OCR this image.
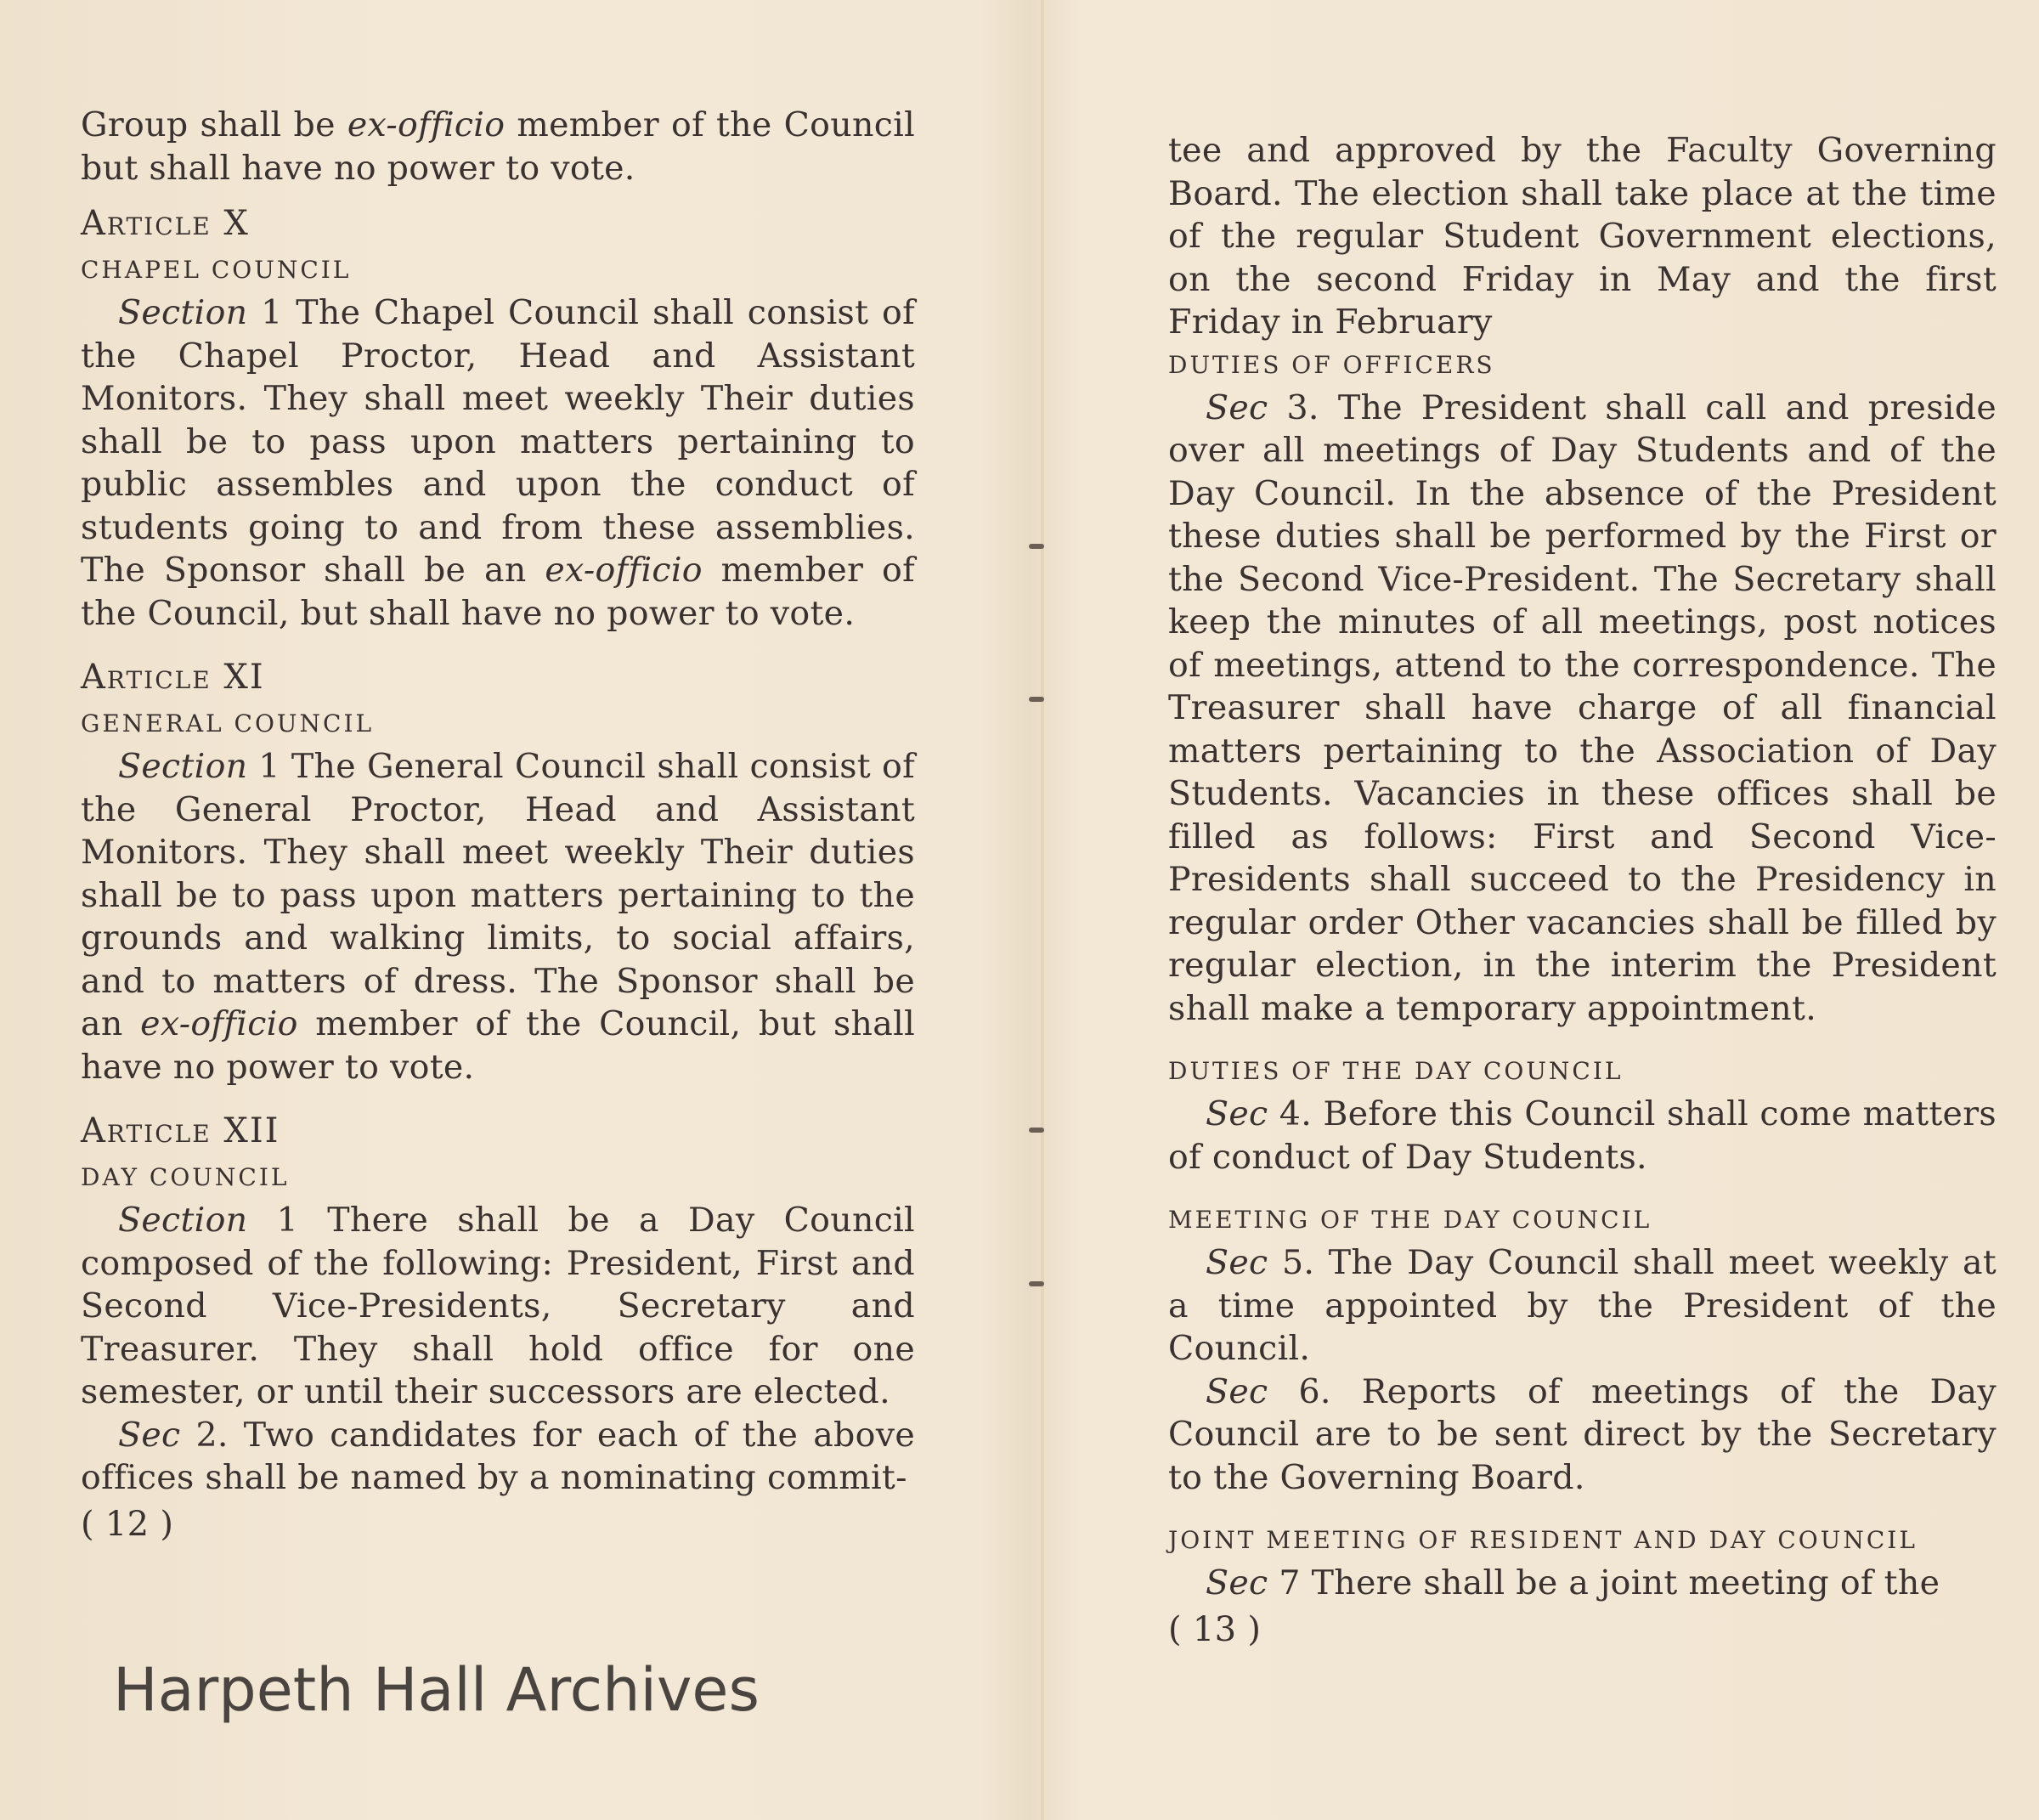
Group shall be ex-officio member of the Council but shall have no power to vote.

Article X

CHAPEL COUNCIL

Section 1 The Chapel Council shall consist of the Chapel Proctor, Head and Assistant Monitors. They shall meet weekly Their duties shall be to pass upon matters pertaining to public assembles and upon the conduct of students going to and from these assemblies. The Sponsor shall be an ex-officio member of the Council, but shall have no power to vote.

Article XI

GENERAL COUNCIL

Section 1 The General Council shall consist of the General Proctor, Head and Assistant Monitors. They shall meet weekly Their duties shall be to pass upon matters pertaining to the grounds and walking limits, to social affairs, and to matters of dress. The Sponsor shall be an ex-officio member of the Council, but shall have no power to vote.

Article XII

DAY COUNCIL

Section 1 There shall be a Day Council composed of the following: President, First and Second Vice-Presidents, Secretary and Treasurer. They shall hold office for one semester, or until their successors are elected.

Sec 2. Two candidates for each of the above offices shall be named by a nominating commit-

( 12 )

tee and approved by the Faculty Governing Board. The election shall take place at the time of the regular Student Government elections, on the second Friday in May and the first Friday in February

DUTIES OF OFFICERS

Sec 3. The President shall call and preside over all meetings of Day Students and of the Day Council. In the absence of the President these duties shall be performed by the First or the Second Vice-President. The Secretary shall keep the minutes of all meetings, post notices of meetings, attend to the correspondence. The Treasurer shall have charge of all financial matters pertaining to the Association of Day Students. Vacancies in these offices shall be filled as follows: First and Second Vice-Presidents shall succeed to the Presidency in regular order Other vacancies shall be filled by regular election, in the interim the President shall make a temporary appointment.

DUTIES OF THE DAY COUNCIL

Sec 4. Before this Council shall come matters of conduct of Day Students.

MEETING OF THE DAY COUNCIL

Sec 5. The Day Council shall meet weekly at a time appointed by the President of the Council.

Sec 6. Reports of meetings of the Day Council are to be sent direct by the Secretary to the Governing Board.

JOINT MEETING OF RESIDENT AND DAY COUNCIL

Sec 7 There shall be a joint meeting of the

( 13 )

Harpeth Hall Archives
